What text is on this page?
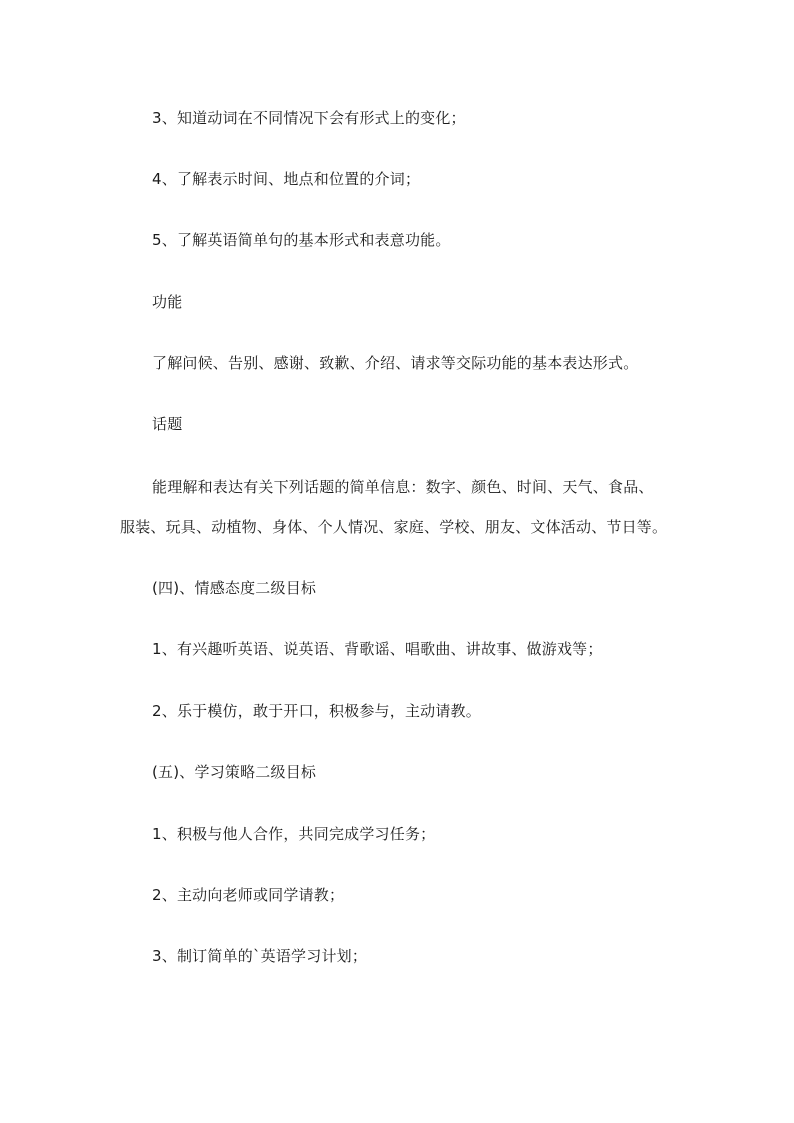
3、知道动词在不同情况下会有形式上的变化；
4、了解表示时间、地点和位置的介词；
5、了解英语简单句的基本形式和表意功能。
功能
了解问候、告别、感谢、致歉、介绍、请求等交际功能的基本表达形式。
话题
能理解和表达有关下列话题的简单信息：数字、颜色、时间、天气、食品、
服装、玩具、动植物、身体、个人情况、家庭、学校、朋友、文体活动、节日等。
(四)、情感态度二级目标
1、有兴趣听英语、说英语、背歌谣、唱歌曲、讲故事、做游戏等；
2、乐于模仿，敢于开口，积极参与，主动请教。
(五)、学习策略二级目标
1、积极与他人合作，共同完成学习任务；
2、主动向老师或同学请教；
3、制订简单的`英语学习计划；
